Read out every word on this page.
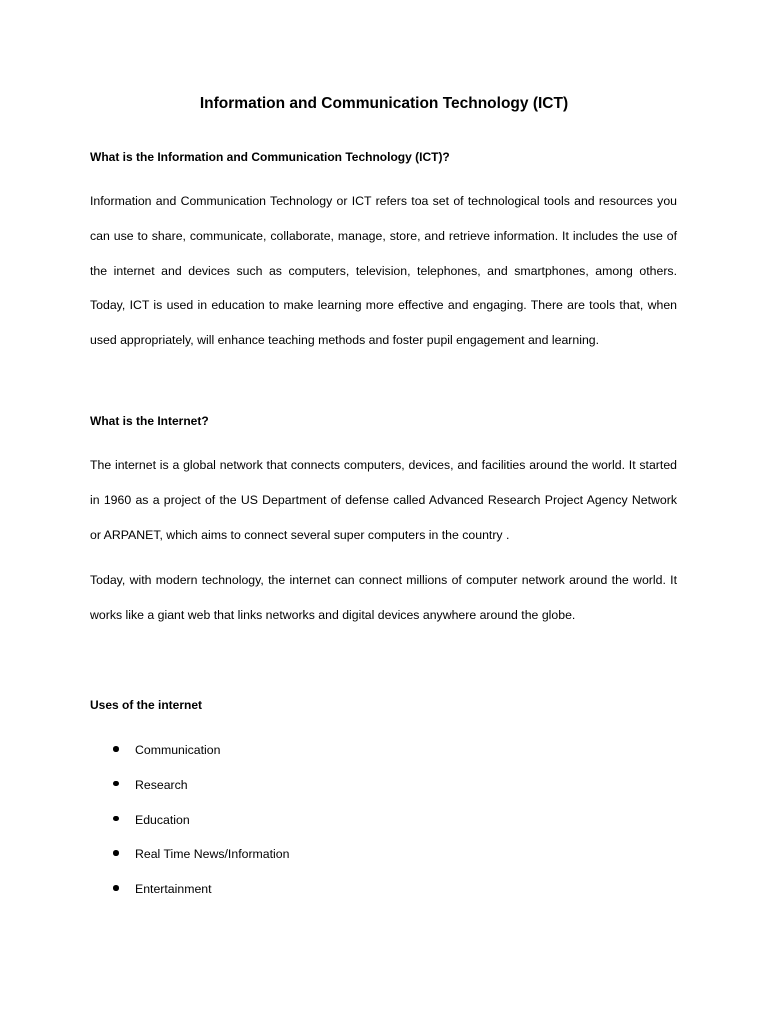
Information and Communication Technology (ICT)
What is the Information and Communication Technology (ICT)?

Information and Communication Technology or ICT refers toa set of technological tools and resources you can use to share, communicate, collaborate, manage, store, and retrieve information. It includes the use of the internet and devices such as computers, television, telephones, and smartphones, among others. Today, ICT is used in education to make learning more effective and engaging. There are tools that, when used appropriately, will enhance teaching methods and foster pupil engagement and learning.

What is the Internet?

The internet is a global network that connects computers, devices, and facilities around the world. It started in 1960 as a project of the US Department of defense called Advanced Research Project Agency Network or ARPANET, which aims to connect several super computers in the country .

Today, with modern technology, the internet can connect millions of computer network around the world. It works like a giant web that links networks and digital devices anywhere around the globe.

Uses of the internet
Communication
Research
Education
Real Time News/Information
Entertainment
